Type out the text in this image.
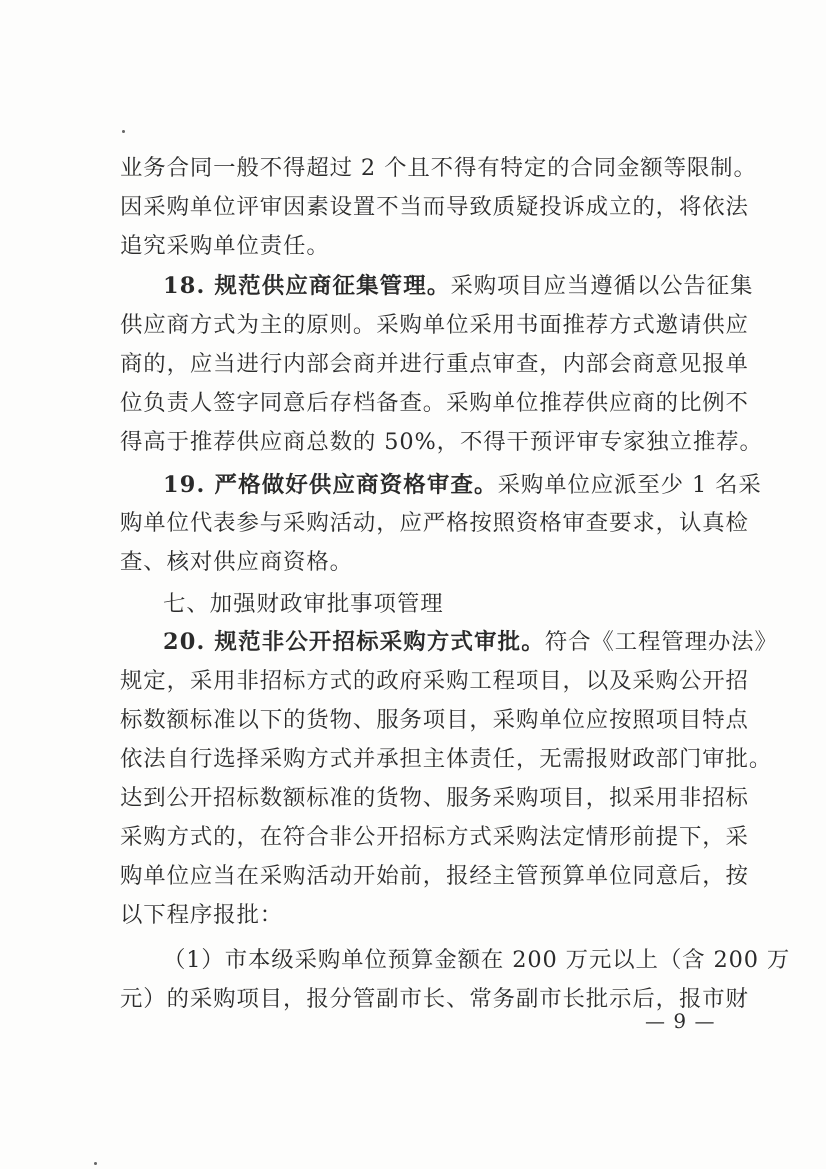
业务合同一般不得超过 2 个且不得有特定的合同金额等限制。
因采购单位评审因素设置不当而导致质疑投诉成立的，将依法
追究采购单位责任。
18. 规范供应商征集管理。采购项目应当遵循以公告征集
供应商方式为主的原则。采购单位采用书面推荐方式邀请供应
商的，应当进行内部会商并进行重点审查，内部会商意见报单
位负责人签字同意后存档备查。采购单位推荐供应商的比例不
得高于推荐供应商总数的 50%，不得干预评审专家独立推荐。
19. 严格做好供应商资格审查。采购单位应派至少 1 名采
购单位代表参与采购活动，应严格按照资格审查要求，认真检
查、核对供应商资格。
七、加强财政审批事项管理
20. 规范非公开招标采购方式审批。符合《工程管理办法》
规定，采用非招标方式的政府采购工程项目，以及采购公开招
标数额标准以下的货物、服务项目，采购单位应按照项目特点
依法自行选择采购方式并承担主体责任，无需报财政部门审批。
达到公开招标数额标准的货物、服务采购项目，拟采用非招标
采购方式的，在符合非公开招标方式采购法定情形前提下，采
购单位应当在采购活动开始前，报经主管预算单位同意后，按
以下程序报批：
（1）市本级采购单位预算金额在 200 万元以上（含 200 万
元）的采购项目，报分管副市长、常务副市长批示后，报市财
— 9 —
